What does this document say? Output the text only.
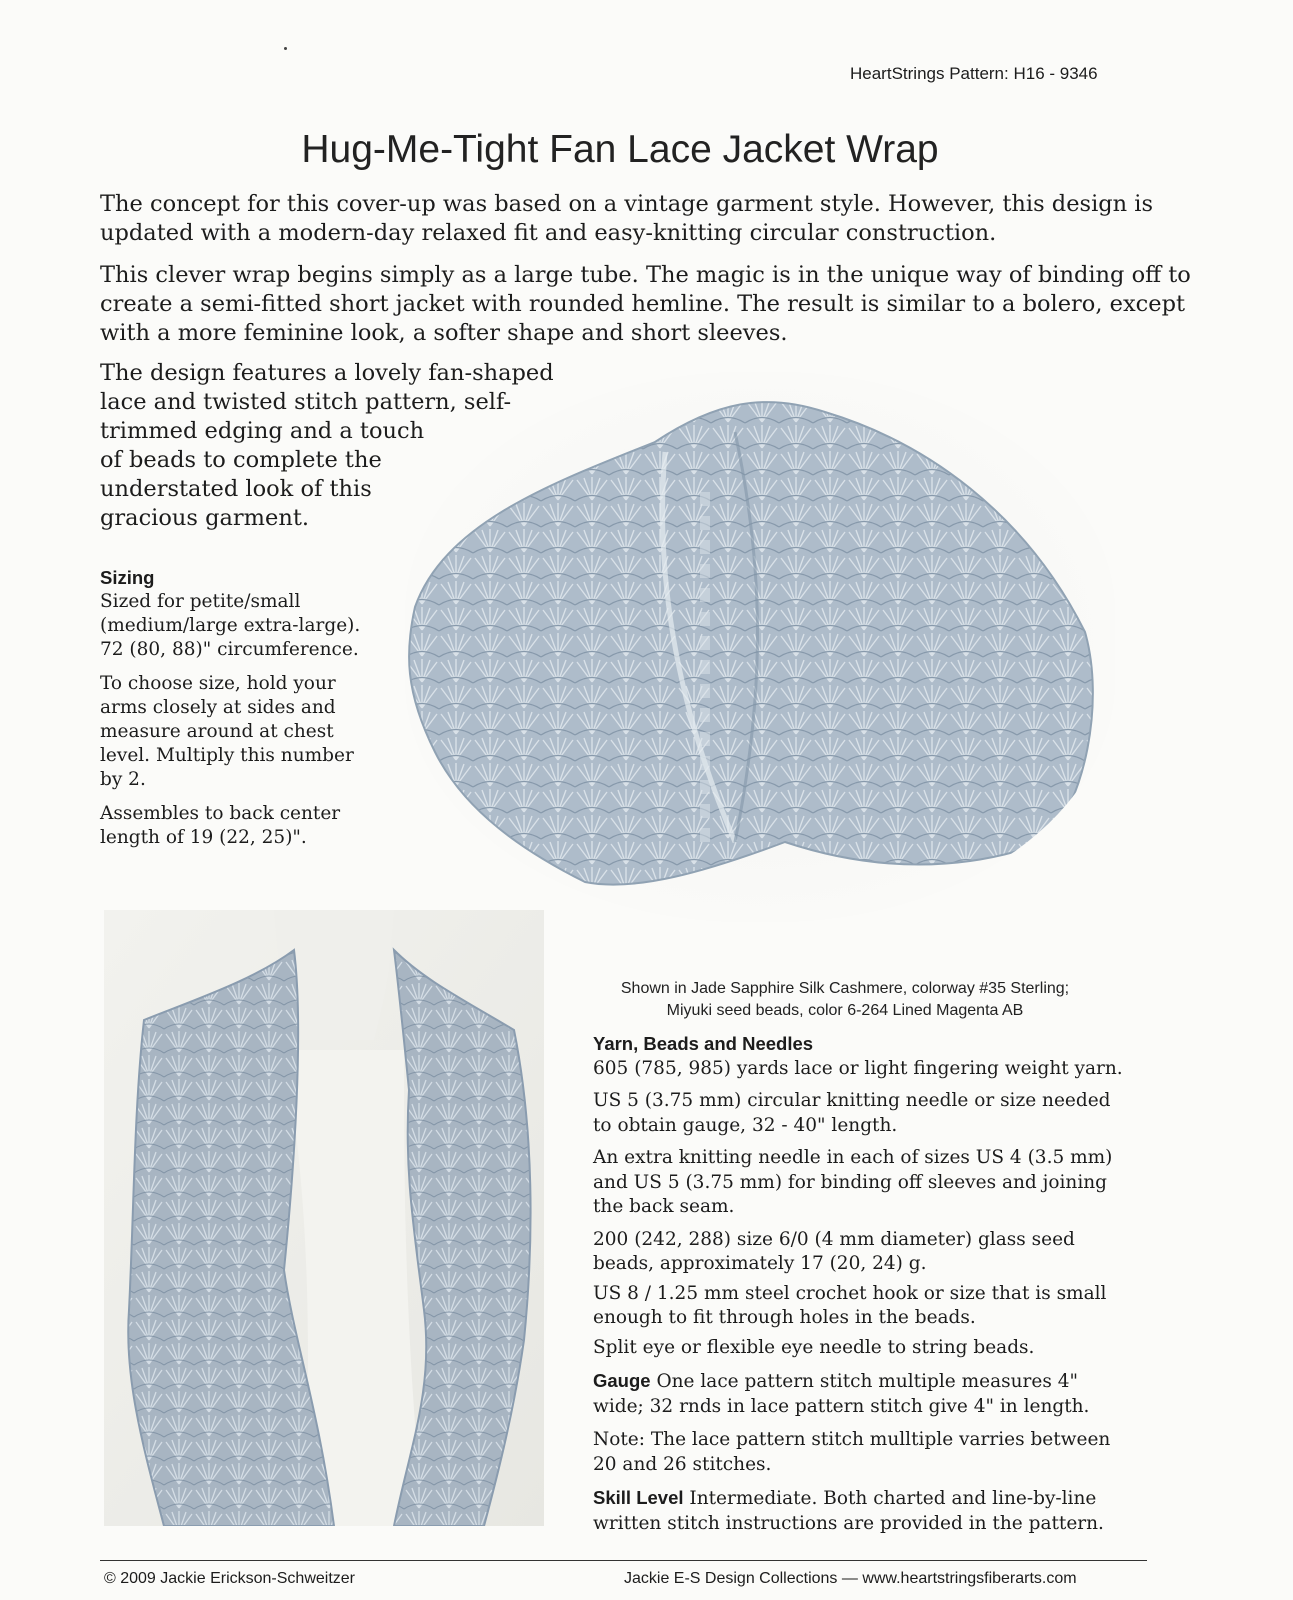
HeartStrings Pattern: H16 - 9346
Hug-Me-Tight Fan Lace Jacket Wrap
The concept for this cover-up was based on a vintage garment style. However, this design is updated with a modern-day relaxed fit and easy-knitting circular construction.
This clever wrap begins simply as a large tube. The magic is in the unique way of binding off to create a semi-fitted short jacket with rounded hemline. The result is similar to a bolero, except with a more feminine look, a softer shape and short sleeves.
The design features a lovely fan-shaped
lace and twisted stitch pattern, self-
trimmed edging and a touch
of beads to complete the
understated look of this
gracious garment.
Sizing
Sized for petite/small (medium/large extra-large). 72 (80, 88)" circumference.
To choose size, hold your arms closely at sides and measure around at chest level. Multiply this number by 2.
Assembles to back center length of 19 (22, 25)".
Shown in Jade Sapphire Silk Cashmere, colorway #35 Sterling;
Miyuki seed beads, color 6-264 Lined Magenta AB
Yarn, Beads and Needles
605 (785, 985) yards lace or light fingering weight yarn.
US 5 (3.75 mm) circular knitting needle or size needed to obtain gauge, 32 - 40" length.
An extra knitting needle in each of sizes US 4 (3.5 mm) and US 5 (3.75 mm) for binding off sleeves and joining the back seam.
200 (242, 288) size 6/0 (4 mm diameter) glass seed beads, approximately 17 (20, 24) g.
US 8 / 1.25 mm steel crochet hook or size that is small enough to fit through holes in the beads.
Split eye or flexible eye needle to string beads.
Gauge One lace pattern stitch multiple measures 4" wide; 32 rnds in lace pattern stitch give 4" in length.
Note: The lace pattern stitch mulltiple varries between 20 and 26 stitches.
Skill Level Intermediate. Both charted and line-by-line written stitch instructions are provided in the pattern.
© 2009 Jackie Erickson-Schweitzer	Jackie E-S Design Collections — www.heartstringsfiberarts.com
